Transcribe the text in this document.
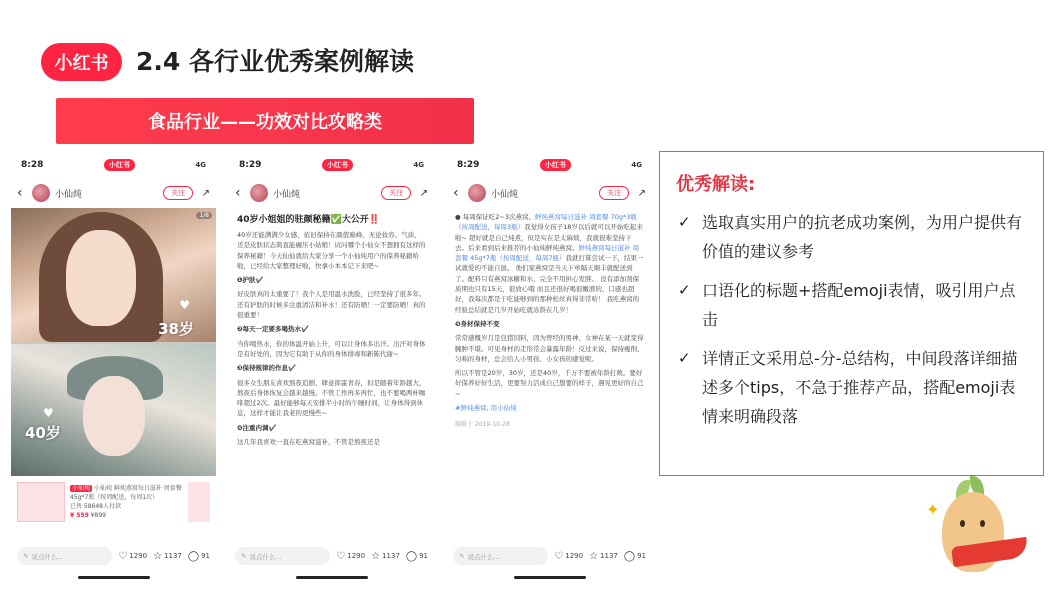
小红书	2.4 各行业优秀案例解读
食品行业——功效对比攻略类
8:28	小红书	4G
‹	小仙炖	关注	↗
1/8
♥
38岁
♥
40岁
小仙炖 小仙炖 鲜炖燕窝每日滋补 周套餐 45g*7瓶（按周配送，每周1次）
已售 58648人付款
¥ 559 ¥899
✎ 说点什么...	♡ 1290 ☆ 1137 ◯ 91
8:29	小红书	4G
‹	小仙炖	关注	↗
40岁小姐姐的驻颜秘籍✅大公开‼️

40岁还能满满少女感，依旧保持在颜值巅峰，无论妆容、气质、还是皮肤状态简直能碾压小姑娘！试问哪个小仙女不想拥有这样的保养秘籍！今天仙仙就给大家分享一个小仙炖用户的保养秘籍哈啦，已经给大家整理好啦，快拿小本本记下来吧~

❶护肤✔️

好皮肤真的太重要了！我个人是用温水洗脸，已经坚持了很多年。还有护肤的时候多注重清洁和补水！还有防晒！一定要防晒！真的很重要！

❷每天一定要多喝热水✔️

当你喝热水，你的体温开始上升，可以让身体多出汗。出汗对身体是有好处的，因为它有助于从你的身体排毒和新陈代谢~

❸保持规律的作息✔️

很多女生朋友喜欢熬夜追剧、肆意挥霍青春，但是随着年龄越大，熬夜后身体恢复会越来越慢。不管工作再多再忙，也不要喝两杯咖啡超过2次。最好能够每天安排半小时的午睡时间，让身体得到休息，这样才能让我老的更慢些~

❹注重内调✔️

这几年我喜欢一直在吃燕窝滋补，不管是熬夜还是

✎ 说点什么...	♡ 1290 ☆ 1137 ◯ 91
8:29	小红书	4G
‹	小仙炖	关注	↗

● 每周保证吃2~3次燕窝。鲜炖燕窝每日滋补 周套餐 70g*3瓶（按周配送，每周3瓶）我觉得女孩子18岁以后就可以开始吃起来啦~ 超好就是自己炖煮，但是实在是太麻烦，我就很难坚持下去。后来看到后来推荐的小仙炖鲜炖燕窝。鲜炖燕窝每日滋补 周套餐 45g*7瓶（按周配送，每周7瓶）我就打算尝试一下，结果一试就爱的不能自拔。 他们家燕窝是当天下单隔天顺丰就配送到了。配料只有燕窝冰糖和水，完全不用担心发胖。 没有添加剂保质期也只有15天，很放心哦 而且还很好喝很嫩滑的，口感也超好，我每次都是干吃能够到的那种松丝真得非常哈！ 我吃燕窝的经验总结就是几岁开始吃就冻龄在几岁！

❺身材保持不变

常常感慨岁月是包猪饲料，因为曾经的男神、女神在某一天就变得臃肿不堪。可见身材的走形常会暴露年龄！反过来说，保持瘦削、匀称的身材，总会给人小男孩、小女孩的感觉呢。

所以不管是20岁，30岁，还是40岁，千万不要被年龄打败。要好好保养好好生活，更要努力活成自己想要的样子，遇见更好的自己~

#鲜炖燕窝, 用小仙炖

编辑于 2019-10-28
✎ 说点什么...	♡ 1290 ☆ 1137 ◯ 91
优秀解读:
✓ 选取真实用户的抗老成功案例，为用户提供有价值的建议参考
✓ 口语化的标题+搭配emoji表情，吸引用户点击
✓ 详情正文采用总-分-总结构，中间段落详细描述多个tips，不急于推荐产品，搭配emoji表情来明确段落
✦
